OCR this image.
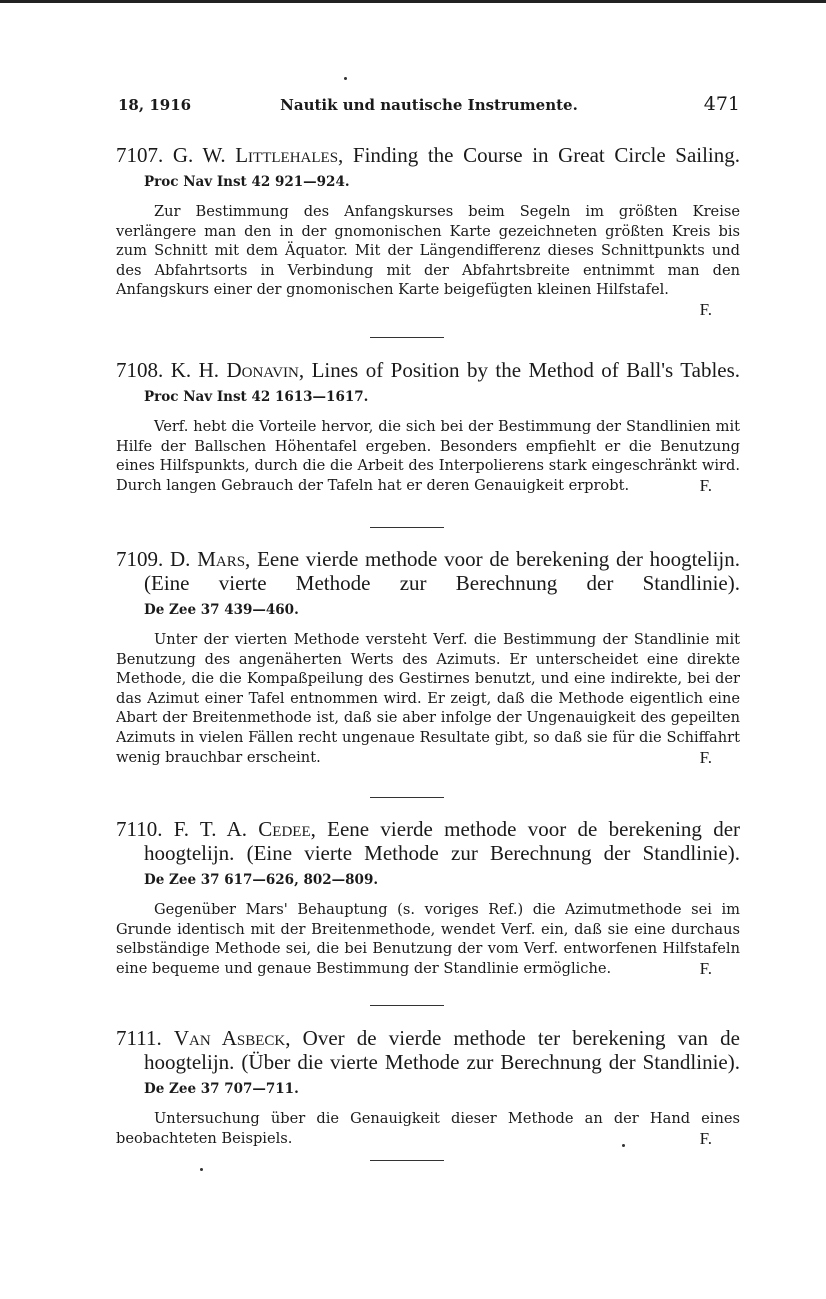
18, 1916	Nautik und nautische Instrumente.	471

7107. G. W. Littlehales, Finding the Course in Great Circle Sailing. Proc Nav Inst 42 921—924.

Zur Bestimmung des Anfangskurses beim Segeln im größten Kreise verlängere man den in der gnomonischen Karte gezeichneten größten Kreis bis zum Schnitt mit dem Äquator. Mit der Längendifferenz dieses Schnittpunkts und des Abfahrtsorts in Verbindung mit der Abfahrtsbreite entnimmt man den Anfangskurs einer der gnomonischen Karte beigefügten kleinen Hilfstafel.
F.

7108. K. H. Donavin, Lines of Position by the Method of Ball's Tables. Proc Nav Inst 42 1613—1617.

Verf. hebt die Vorteile hervor, die sich bei der Bestimmung der Standlinien mit Hilfe der Ballschen Höhentafel ergeben. Besonders empfiehlt er die Benutzung eines Hilfspunkts, durch die die Arbeit des Interpolierens stark eingeschränkt wird. Durch langen Gebrauch der Tafeln hat er deren Genauigkeit erprobt.	F.

7109. D. Mars, Eene vierde methode voor de berekening der hoogtelijn. (Eine vierte Methode zur Berechnung der Standlinie). De Zee 37 439—460.

Unter der vierten Methode versteht Verf. die Bestimmung der Standlinie mit Benutzung des angenäherten Werts des Azimuts. Er unterscheidet eine direkte Methode, die die Kompaßpeilung des Gestirnes benutzt, und eine indirekte, bei der das Azimut einer Tafel entnommen wird. Er zeigt, daß die Methode eigentlich eine Abart der Breitenmethode ist, daß sie aber infolge der Ungenauigkeit des gepeilten Azimuts in vielen Fällen recht ungenaue Resultate gibt, so daß sie für die Schiffahrt wenig brauchbar erscheint.	F.

7110. F. T. A. Cedee, Eene vierde methode voor de berekening der hoogtelijn. (Eine vierte Methode zur Berechnung der Standlinie). De Zee 37 617—626, 802—809.

Gegenüber Mars' Behauptung (s. voriges Ref.) die Azimutmethode sei im Grunde identisch mit der Breitenmethode, wendet Verf. ein, daß sie eine durchaus selbständige Methode sei, die bei Benutzung der vom Verf. entworfenen Hilfstafeln eine bequeme und genaue Bestimmung der Standlinie ermögliche.	F.

7111. Van Asbeck, Over de vierde methode ter berekening van de hoogtelijn. (Über die vierte Methode zur Berechnung der Standlinie). De Zee 37 707—711.

Untersuchung über die Genauigkeit dieser Methode an der Hand eines beobachteten Beispiels.	F.
